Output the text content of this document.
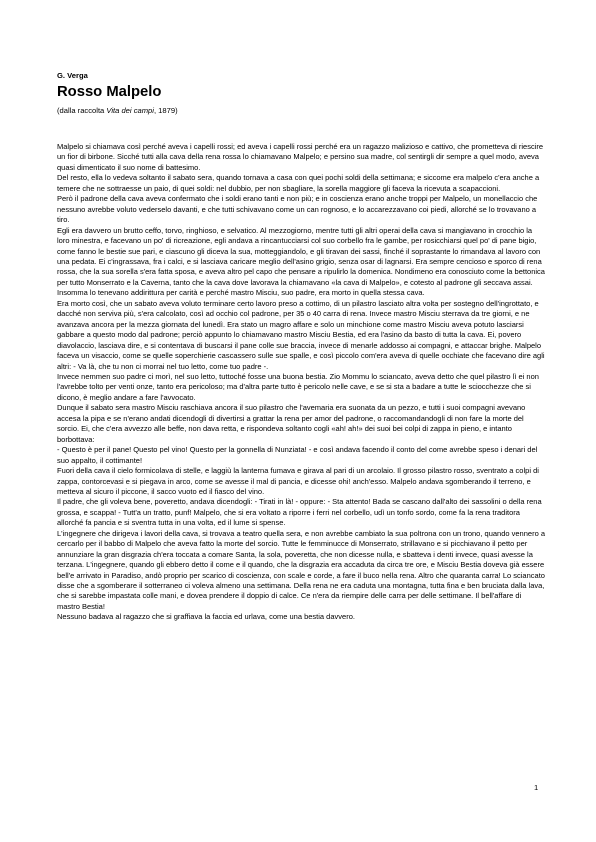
G. Verga

Rosso Malpelo

(dalla raccolta Vita dei campi, 1879)

Malpelo si chiamava così perché aveva i capelli rossi; ed aveva i capelli rossi perché era un ragazzo malizioso e cattivo, che prometteva di riescire un fior di birbone. Sicché tutti alla cava della rena rossa lo chiamavano Malpelo; e persino sua madre, col sentirgli dir sempre a quel modo, aveva quasi dimenticato il suo nome di battesimo.

Del resto, ella lo vedeva soltanto il sabato sera, quando tornava a casa con quei pochi soldi della settimana; e siccome era malpelo c'era anche a temere che ne sottraesse un paio, di quei soldi: nel dubbio, per non sbagliare, la sorella maggiore gli faceva la ricevuta a scapaccioni.

Però il padrone della cava aveva confermato che i soldi erano tanti e non più; e in coscienza erano anche troppi per Malpelo, un monellaccio che nessuno avrebbe voluto vederselo davanti, e che tutti schivavano come un can rognoso, e lo accarezzavano coi piedi, allorché se lo trovavano a tiro.

Egli era davvero un brutto ceffo, torvo, ringhioso, e selvatico. Al mezzogiorno, mentre tutti gli altri operai della cava si mangiavano in crocchio la loro minestra, e facevano un po' di ricreazione, egli andava a rincantucciarsi col suo corbello fra le gambe, per rosicchiarsi quel po' di pane bigio, come fanno le bestie sue pari, e ciascuno gli diceva la sua, motteggiandolo, e gli tiravan dei sassi, finché il soprastante lo rimandava al lavoro con una pedata. Ei c'ingrassava, fra i calci, e si lasciava caricare meglio dell'asino grigio, senza osar di lagnarsi. Era sempre cencioso e sporco di rena rossa, che la sua sorella s'era fatta sposa, e aveva altro pel capo che pensare a ripulirlo la domenica. Nondimeno era conosciuto come la bettonica per tutto Monserrato e la Caverna, tanto che la cava dove lavorava la chiamavano «la cava di Malpelo», e cotesto al padrone gli seccava assai. Insomma lo tenevano addirittura per carità e perché mastro Misciu, suo padre, era morto in quella stessa cava.

Era morto così, che un sabato aveva voluto terminare certo lavoro preso a cottimo, di un pilastro lasciato altra volta per sostegno dell'ingrottato, e dacché non serviva più, s'era calcolato, così ad occhio col padrone, per 35 o 40 carra di rena. Invece mastro Misciu sterrava da tre giorni, e ne avanzava ancora per la mezza giornata del lunedì. Era stato un magro affare e solo un minchione come mastro Misciu aveva potuto lasciarsi gabbare a questo modo dal padrone; perciò appunto lo chiamavano mastro Misciu Bestia, ed era l'asino da basto di tutta la cava. Ei, povero diavolaccio, lasciava dire, e si contentava di buscarsi il pane colle sue braccia, invece di menarle addosso ai compagni, e attaccar brighe. Malpelo faceva un visaccio, come se quelle soperchierie cascassero sulle sue spalle, e così piccolo com'era aveva di quelle occhiate che facevano dire agli altri: - Va là, che tu non ci morrai nel tuo letto, come tuo padre -.

Invece nemmen suo padre ci morì, nel suo letto, tuttoché fosse una buona bestia. Zio Mommu lo sciancato, aveva detto che quel pilastro lì ei non l'avrebbe tolto per venti onze, tanto era pericoloso; ma d'altra parte tutto è pericolo nelle cave, e se si sta a badare a tutte le sciocchezze che si dicono, è meglio andare a fare l'avvocato.

Dunque il sabato sera mastro Misciu raschiava ancora il suo pilastro che l'avemaria era suonata da un pezzo, e tutti i suoi compagni avevano accesa la pipa e se n'erano andati dicendogli di divertirsi a grattar la rena per amor del padrone, o raccomandandogli di non fare la morte del sorcio. Ei, che c'era avvezzo alle beffe, non dava retta, e rispondeva soltanto cogli «ah! ah!» dei suoi bei colpi di zappa in pieno, e intanto borbottava:

- Questo è per il pane! Questo pel vino! Questo per la gonnella di Nunziata! - e così andava facendo il conto del come avrebbe speso i denari del suo appalto, il cottimante!

Fuori della cava il cielo formicolava di stelle, e laggiù la lanterna fumava e girava al pari di un arcolaio. Il grosso pilastro rosso, sventrato a colpi di zappa, contorcevasi e si piegava in arco, come se avesse il mal di pancia, e dicesse ohi! anch'esso. Malpelo andava sgomberando il terreno, e metteva al sicuro il piccone, il sacco vuoto ed il fiasco del vino.

Il padre, che gli voleva bene, poveretto, andava dicendogli: - Tirati in là! - oppure: - Sta attento! Bada se cascano dall'alto dei sassolini o della rena grossa, e scappa! - Tutt'a un tratto, punf! Malpelo, che si era voltato a riporre i ferri nel corbello, udì un tonfo sordo, come fa la rena traditora allorché fa pancia e si sventra tutta in una volta, ed il lume si spense.

L'ingegnere che dirigeva i lavori della cava, si trovava a teatro quella sera, e non avrebbe cambiato la sua poltrona con un trono, quando vennero a cercarlo per il babbo di Malpelo che aveva fatto la morte del sorcio. Tutte le femminucce di Monserrato, strillavano e si picchiavano il petto per annunziare la gran disgrazia ch'era toccata a comare Santa, la sola, poveretta, che non dicesse nulla, e sbatteva i denti invece, quasi avesse la terzana. L'ingegnere, quando gli ebbero detto il come e il quando, che la disgrazia era accaduta da circa tre ore, e Misciu Bestia doveva già essere bell'e arrivato in Paradiso, andò proprio per scarico di coscienza, con scale e corde, a fare il buco nella rena. Altro che quaranta carra! Lo sciancato disse che a sgomberare il sotterraneo ci voleva almeno una settimana. Della rena ne era caduta una montagna, tutta fina e ben bruciata dalla lava, che si sarebbe impastata colle mani, e dovea prendere il doppio di calce. Ce n'era da riempire delle carra per delle settimane. Il bell'affare di mastro Bestia!

Nessuno badava al ragazzo che si graffiava la faccia ed urlava, come una bestia davvero.

1
